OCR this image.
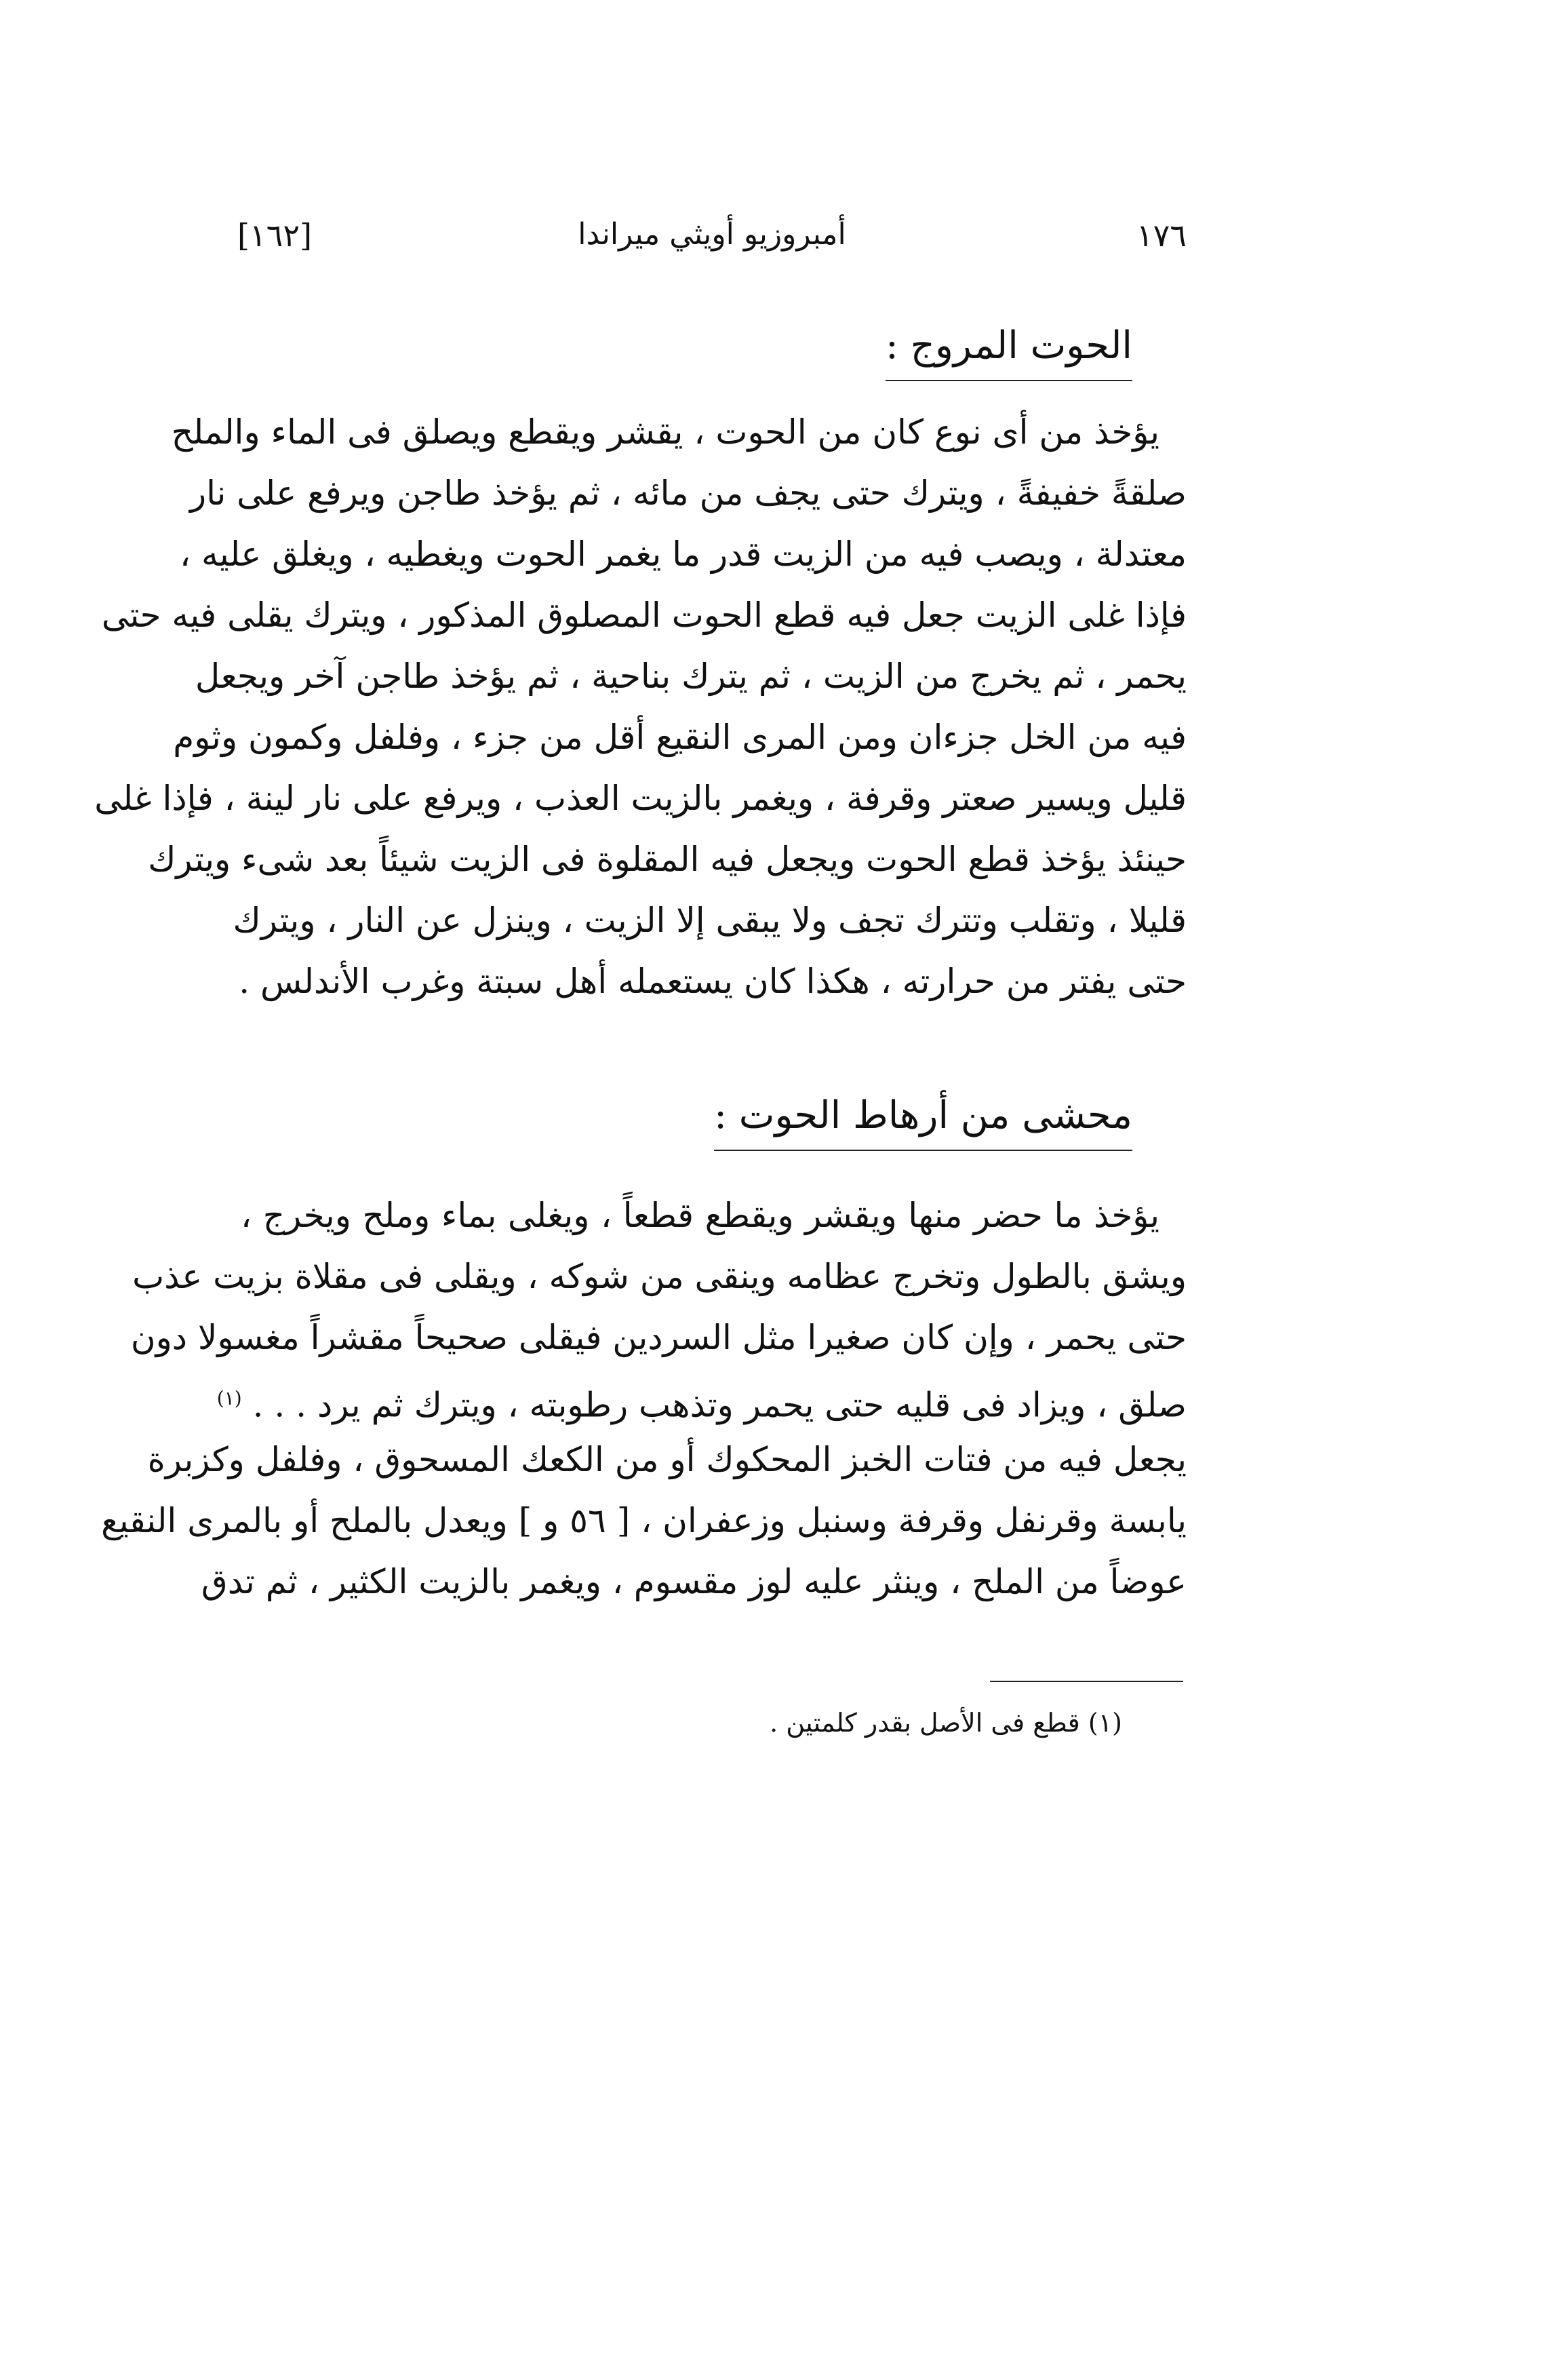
[١٦٢]	أمبروزيو أويثي ميراندا	١٧٦
الحوت المروج :
يؤخذ من أى نوع كان من الحوت ، يقشر ويقطع ويصلق فى الماء والملح
صلقةً خفيفةً ، ويترك حتى يجف من مائه ، ثم يؤخذ طاجن ويرفع على نار
معتدلة ، ويصب فيه من الزيت قدر ما يغمر الحوت ويغطيه ، ويغلق عليه ،
فإذا غلى الزيت جعل فيه قطع الحوت المصلوق المذكور ، ويترك يقلى فيه حتى
يحمر ، ثم يخرج من الزيت ، ثم يترك بناحية ، ثم يؤخذ طاجن آخر ويجعل
فيه من الخل جزءان ومن المرى النقيع أقل من جزء ، وفلفل وكمون وثوم
قليل ويسير صعتر وقرفة ، ويغمر بالزيت العذب ، ويرفع على نار لينة ، فإذا غلى
حينئذ يؤخذ قطع الحوت ويجعل فيه المقلوة فى الزيت شيئاً بعد شىء ويترك
قليلا ، وتقلب وتترك تجف ولا يبقى إلا الزيت ، وينزل عن النار ، ويترك
حتى يفتر من حرارته ، هكذا كان يستعمله أهل سبتة وغرب الأندلس .
محشى من أرهاط الحوت :
يؤخذ ما حضر منها ويقشر ويقطع قطعاً ، ويغلى بماء وملح ويخرج ،
ويشق بالطول وتخرج عظامه وينقى من شوكه ، ويقلى فى مقلاة بزيت عذب
حتى يحمر ، وإن كان صغيرا مثل السردين فيقلى صحيحاً مقشراً مغسولا دون
صلق ، ويزاد فى قليه حتى يحمر وتذهب رطوبته ، ويترك ثم يرد . . . $^{(١)}$
يجعل فيه من فتات الخبز المحكوك أو من الكعك المسحوق ، وفلفل وكزبرة
يابسة وقرنفل وقرفة وسنبل وزعفران ، [ ٥٦ و ] ويعدل بالملح أو بالمرى النقيع
عوضاً من الملح ، وينثر عليه لوز مقسوم ، ويغمر بالزيت الكثير ، ثم تدق
(١) قطع فى الأصل بقدر كلمتين .
